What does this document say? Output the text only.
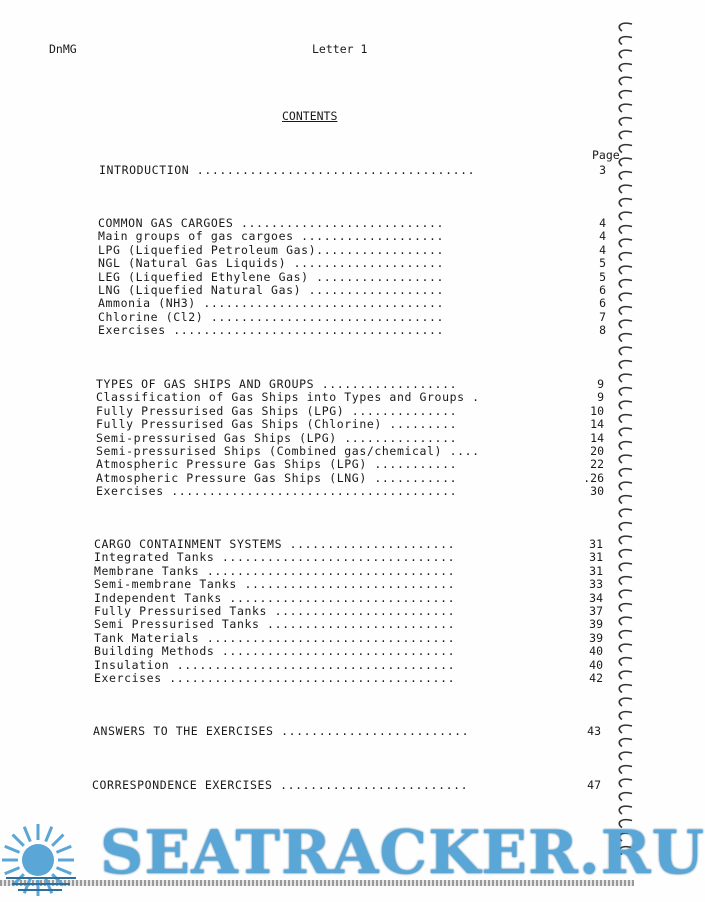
DnMG	Letter 1
CONTENTS
Page
INTRODUCTION .....................................	3
COMMON GAS CARGOES ...........................	4
Main groups of gas cargoes ...................	4
LPG (Liquefied Petroleum Gas).................	4
NGL (Natural Gas Liquids) ....................	5
LEG (Liquefied Ethylene Gas) .................	5
LNG (Liquefied Natural Gas) ..................	6
Ammonia (NH3) ................................	6
Chlorine (Cl2) ...............................	7
Exercises ....................................	8
TYPES OF GAS SHIPS AND GROUPS ..................	9
Classification of Gas Ships into Types and Groups .	9
Fully Pressurised Gas Ships (LPG) ..............	10
Fully Pressurised Gas Ships (Chlorine) .........	14
Semi-pressurised Gas Ships (LPG) ...............	14
Semi-pressurised Ships (Combined gas/chemical) ....	20
Atmospheric Pressure Gas Ships (LPG) ...........	22
Atmospheric Pressure Gas Ships (LNG) ...........	.26
Exercises ......................................	30
CARGO CONTAINMENT SYSTEMS ......................	31
Integrated Tanks ...............................	31
Membrane Tanks .................................	31
Semi-membrane Tanks ............................	33
Independent Tanks ..............................	34
Fully Pressurised Tanks ........................	37
Semi Pressurised Tanks .........................	39
Tank Materials .................................	39
Building Methods ...............................	40
Insulation .....................................	40
Exercises ......................................	42
ANSWERS TO THE EXERCISES .........................	43
CORRESPONDENCE EXERCISES .........................	47
SEATRACKER.RU
